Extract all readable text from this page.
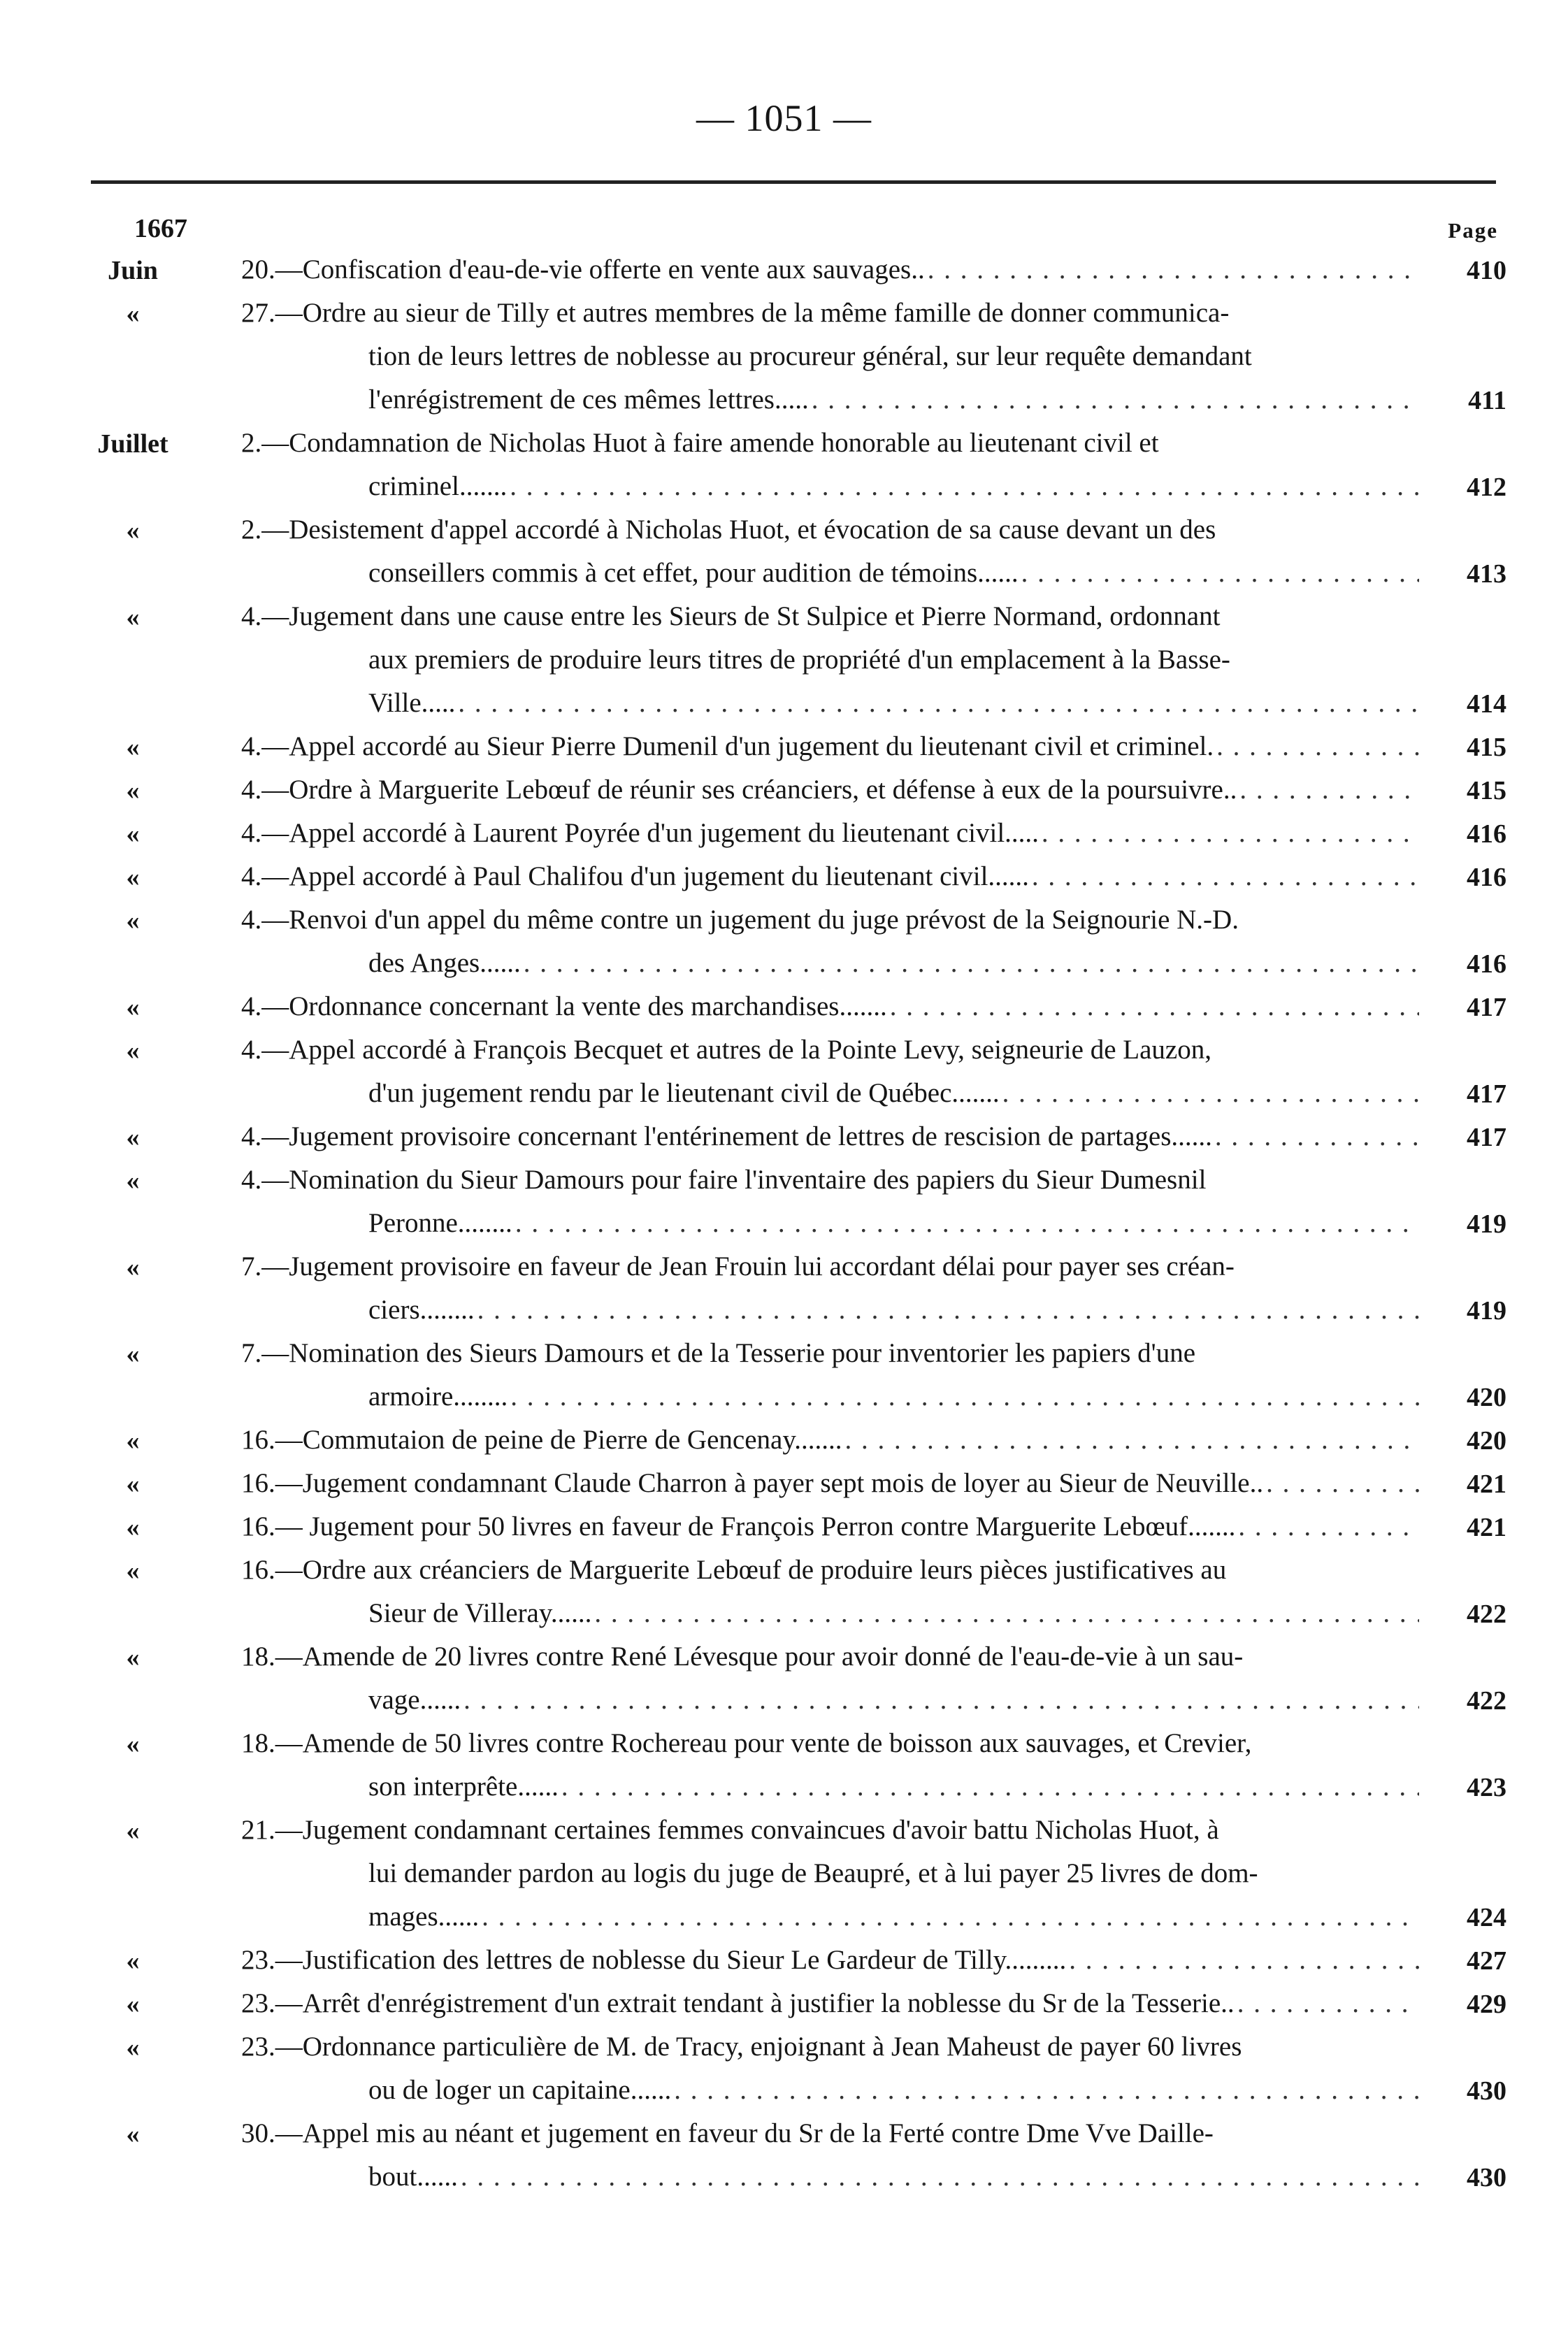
— 1051 —
1667	Page
Juin	20.—Confiscation d'eau-de-vie offerte en vente aux sauvages.. . . .	410
«	27.—Ordre au sieur de Tilly et autres membres de la même famille de donner communica-
tion de leurs lettres de noblesse au procureur général, sur leur requête demandant
l'enrégistrement de ces mêmes lettres..... . . .	411
Juillet	2.—Condamnation de Nicholas Huot à faire amende honorable au lieutenant civil et
criminel....... . . .	412
«	2.—Desistement d'appel accordé à Nicholas Huot, et évocation de sa cause devant un des
conseillers commis à cet effet, pour audition de témoins...... . . .	413
«	4.—Jugement dans une cause entre les Sieurs de St Sulpice et Pierre Normand, ordonnant
aux premiers de produire leurs titres de propriété d'un emplacement à la Basse-
Ville..... . . .	414
«	4.—Appel accordé au Sieur Pierre Dumenil d'un jugement du lieutenant civil et criminel. . . .	415
«	4.—Ordre à Marguerite Lebœuf de réunir ses créanciers, et défense à eux de la poursuivre.. . . .	415
«	4.—Appel accordé à Laurent Poyrée d'un jugement du lieutenant civil..... . . .	416
«	4.—Appel accordé à Paul Chalifou d'un jugement du lieutenant civil...... . . .	416
«	4.—Renvoi d'un appel du même contre un jugement du juge prévost de la Seignourie N.-D.
des Anges...... . . .	416
«	4.—Ordonnance concernant la vente des marchandises....... . . .	417
«	4.—Appel accordé à François Becquet et autres de la Pointe Levy, seigneurie de Lauzon,
d'un jugement rendu par le lieutenant civil de Québec....... . . .	417
«	4.—Jugement provisoire concernant l'entérinement de lettres de rescision de partages...... . . .	417
«	4.—Nomination du Sieur Damours pour faire l'inventaire des papiers du Sieur Dumesnil
Peronne........ . . .	419
«	7.—Jugement provisoire en faveur de Jean Frouin lui accordant délai pour payer ses créan-
ciers........ . . .	419
«	7.—Nomination des Sieurs Damours et de la Tesserie pour inventorier les papiers d'une
armoire........ . . .	420
«	16.—Commutaion de peine de Pierre de Gencenay....... . . .	420
«	16.—Jugement condamnant Claude Charron à payer sept mois de loyer au Sieur de Neuville.. . . .	421
«	16.— Jugement pour 50 livres en faveur de François Perron contre Marguerite Lebœuf....... . . .	421
«	16.—Ordre aux créanciers de Marguerite Lebœuf de produire leurs pièces justificatives au
Sieur de Villeray...... . . .	422
«	18.—Amende de 20 livres contre René Lévesque pour avoir donné de l'eau-de-vie à un sau-
vage...... . . .	422
«	18.—Amende de 50 livres contre Rochereau pour vente de boisson aux sauvages, et Crevier,
son interprête...... . . .	423
«	21.—Jugement condamnant certaines femmes convaincues d'avoir battu Nicholas Huot, à
lui demander pardon au logis du juge de Beaupré, et à lui payer 25 livres de dom-
mages...... . . .	424
«	23.—Justification des lettres de noblesse du Sieur Le Gardeur de Tilly......... . . .	427
«	23.—Arrêt d'enrégistrement d'un extrait tendant à justifier la noblesse du Sr de la Tesserie.. . . .	429
«	23.—Ordonnance particulière de M. de Tracy, enjoignant à Jean Maheust de payer 60 livres
ou de loger un capitaine...... . . .	430
«	30.—Appel mis au néant et jugement en faveur du Sr de la Ferté contre Dme Vve Daille-
bout...... . . .	430
